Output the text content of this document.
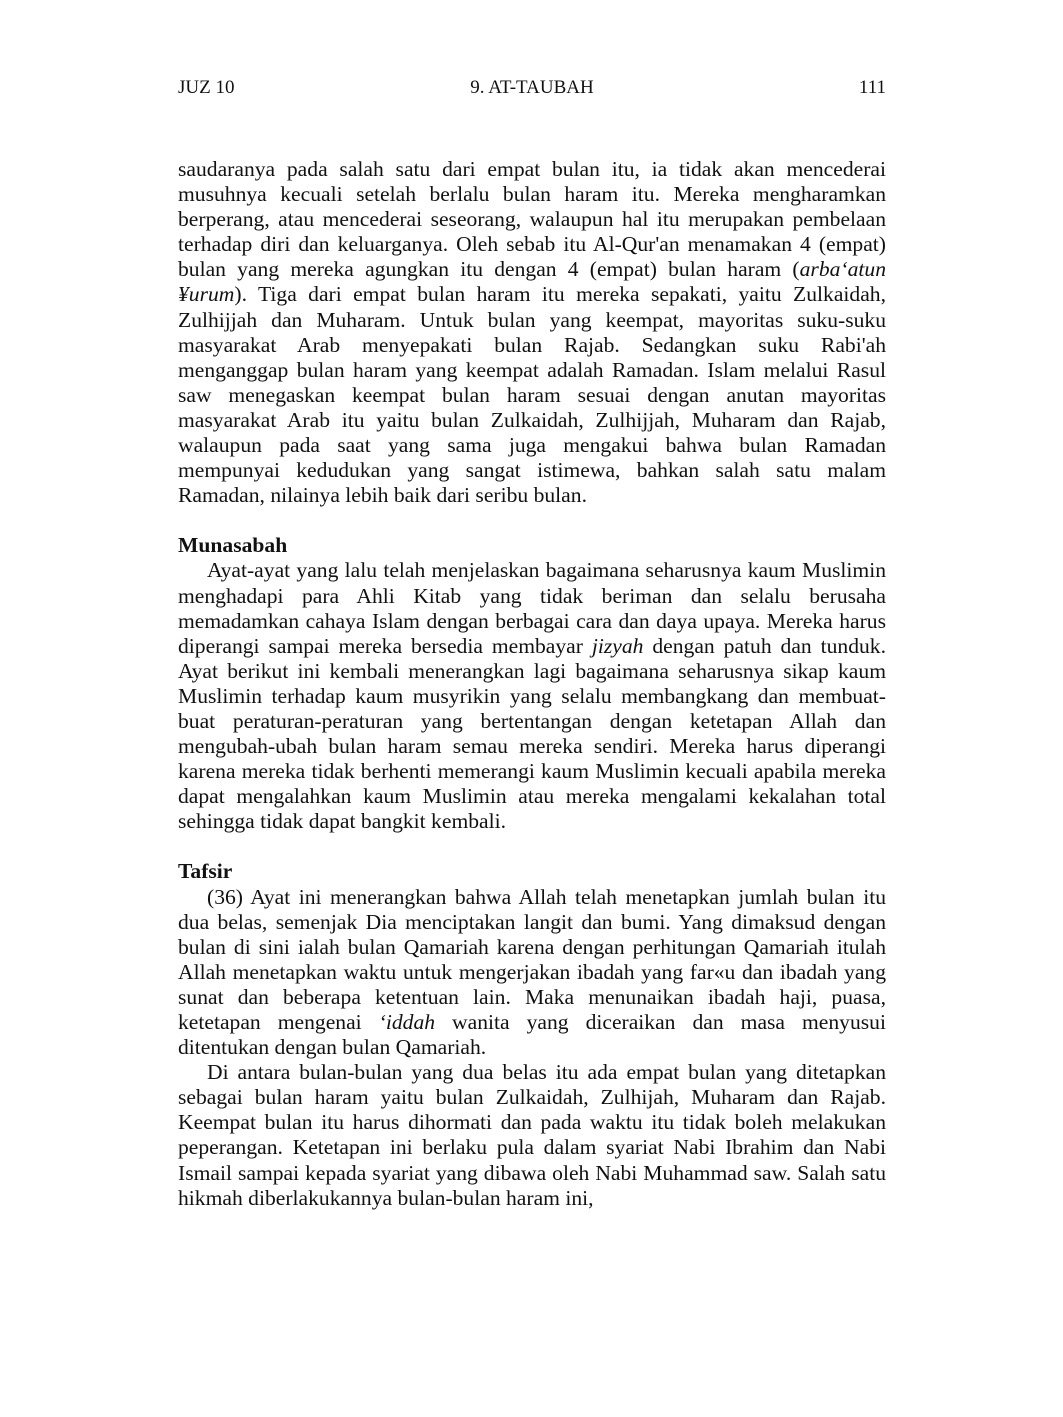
JUZ 10	9. AT-TAUBAH	111

saudaranya pada salah satu dari empat bulan itu, ia tidak akan mencederai musuhnya kecuali setelah berlalu bulan haram itu. Mereka mengharamkan berperang, atau mencederai seseorang, walaupun hal itu merupakan pembelaan terhadap diri dan keluarganya. Oleh sebab itu Al-Qur'an menamakan 4 (empat) bulan yang mereka agungkan itu dengan 4 (empat) bulan haram (arba‘atun ¥urum). Tiga dari empat bulan haram itu mereka sepakati, yaitu Zulkaidah, Zulhijjah dan Muharam. Untuk bulan yang keempat, mayoritas suku-suku masyarakat Arab menyepakati bulan Rajab. Sedangkan suku Rabi'ah menganggap bulan haram yang keempat adalah Ramadan. Islam melalui Rasul saw menegaskan keempat bulan haram sesuai dengan anutan mayoritas masyarakat Arab itu yaitu bulan Zulkaidah, Zulhijjah, Muharam dan Rajab, walaupun pada saat yang sama juga mengakui bahwa bulan Ramadan mempunyai kedudukan yang sangat istimewa, bahkan salah satu malam Ramadan, nilainya lebih baik dari seribu bulan.

Munasabah

Ayat-ayat yang lalu telah menjelaskan bagaimana seharusnya kaum Muslimin menghadapi para Ahli Kitab yang tidak beriman dan selalu berusaha memadamkan cahaya Islam dengan berbagai cara dan daya upaya. Mereka harus diperangi sampai mereka bersedia membayar jizyah dengan patuh dan tunduk. Ayat berikut ini kembali menerangkan lagi bagaimana seharusnya sikap kaum Muslimin terhadap kaum musyrikin yang selalu membangkang dan membuat-buat peraturan-peraturan yang bertentangan dengan ketetapan Allah dan mengubah-ubah bulan haram semau mereka sendiri. Mereka harus diperangi karena mereka tidak berhenti memerangi kaum Muslimin kecuali apabila mereka dapat mengalahkan kaum Muslimin atau mereka mengalami kekalahan total sehingga tidak dapat bangkit kembali.

Tafsir

(36) Ayat ini menerangkan bahwa Allah telah menetapkan jumlah bulan itu dua belas, semenjak Dia menciptakan langit dan bumi. Yang dimaksud dengan bulan di sini ialah bulan Qamariah karena dengan perhitungan Qamariah itulah Allah menetapkan waktu untuk mengerjakan ibadah yang far«u dan ibadah yang sunat dan beberapa ketentuan lain. Maka menunaikan ibadah haji, puasa, ketetapan mengenai ‘iddah wanita yang diceraikan dan masa menyusui ditentukan dengan bulan Qamariah.

Di antara bulan-bulan yang dua belas itu ada empat bulan yang ditetapkan sebagai bulan haram yaitu bulan Zulkaidah, Zulhijah, Muharam dan Rajab. Keempat bulan itu harus dihormati dan pada waktu itu tidak boleh melakukan peperangan. Ketetapan ini berlaku pula dalam syariat Nabi Ibrahim dan Nabi Ismail sampai kepada syariat yang dibawa oleh Nabi Muhammad saw. Salah satu hikmah diberlakukannya bulan-bulan haram ini,
